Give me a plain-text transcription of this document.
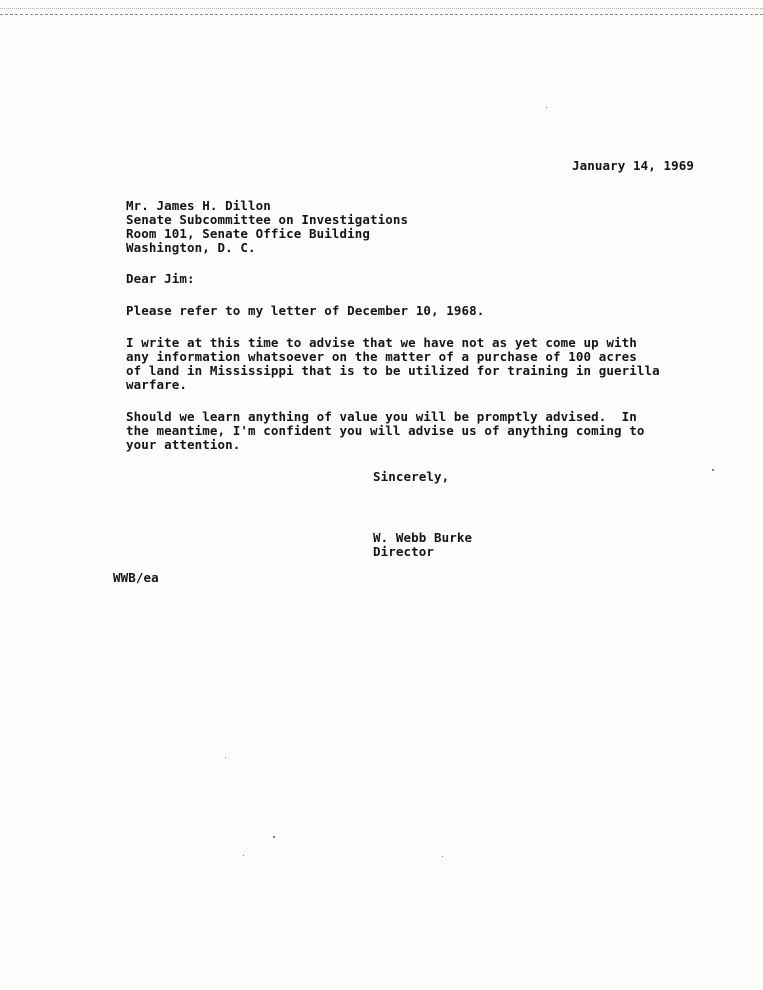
January 14, 1969
Mr. James H. Dillon
Senate Subcommittee on Investigations
Room 101, Senate Office Building
Washington, D. C.
Dear Jim:
Please refer to my letter of December 10, 1968.
I write at this time to advise that we have not as yet come up with
any information whatsoever on the matter of a purchase of 100 acres
of land in Mississippi that is to be utilized for training in guerilla
warfare.
Should we learn anything of value you will be promptly advised.  In
the meantime, I'm confident you will advise us of anything coming to
your attention.
Sincerely,
W. Webb Burke
Director
WWB/ea
